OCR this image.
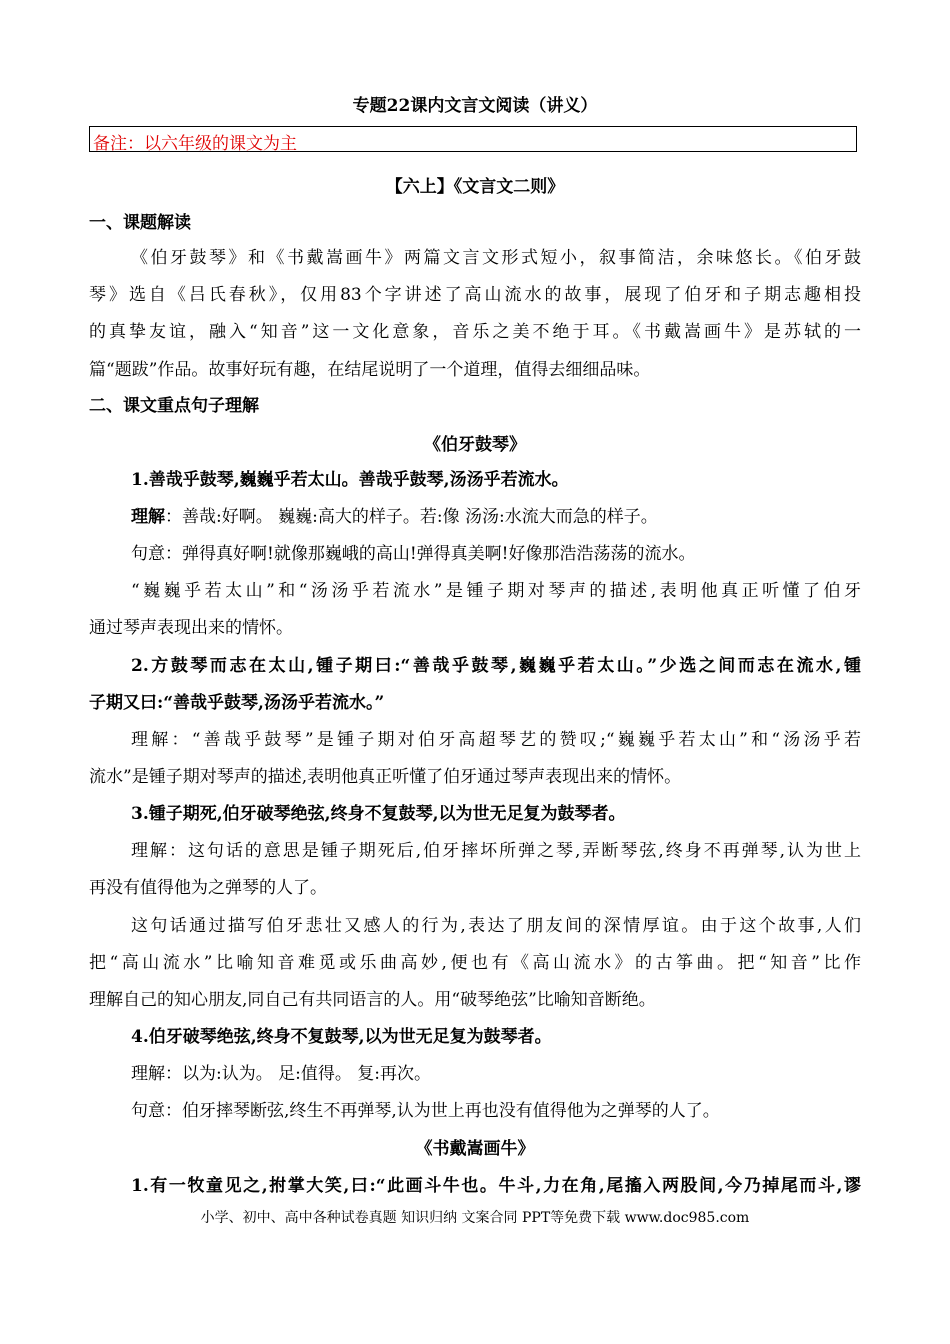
专题22课内文言文阅读（讲义）
备注：以六年级的课文为主
【六上】《文言文二则》
一、课题解读
《伯牙鼓琴》和《书戴嵩画牛》两篇文言文形式短小，叙事简洁，余味悠长。《伯牙鼓
琴》选自《吕氏春秋》，仅用83个字讲述了高山流水的故事，展现了伯牙和子期志趣相投
的真挚友谊，融入“知音”这一文化意象，音乐之美不绝于耳。《书戴嵩画牛》是苏轼的一
篇“题跋”作品。故事好玩有趣，在结尾说明了一个道理，值得去细细品味。
二、课文重点句子理解
《伯牙鼓琴》
1.善哉乎鼓琴,巍巍乎若太山。善哉乎鼓琴,汤汤乎若流水。
理解：善哉:好啊。 巍巍:高大的样子。若:像 汤汤:水流大而急的样子。
句意：弹得真好啊!就像那巍峨的高山!弹得真美啊!好像那浩浩荡荡的流水。
“巍巍乎若太山”和“汤汤乎若流水”是锺子期对琴声的描述,表明他真正听懂了伯牙
通过琴声表现出来的情怀。
2.方鼓琴而志在太山,锺子期曰:“善哉乎鼓琴,巍巍乎若太山。”少选之间而志在流水,锺
子期又曰:“善哉乎鼓琴,汤汤乎若流水。”
理解：“善哉乎鼓琴”是锺子期对伯牙高超琴艺的赞叹;“巍巍乎若太山”和“汤汤乎若
流水”是锺子期对琴声的描述,表明他真正听懂了伯牙通过琴声表现出来的情怀。
3.锺子期死,伯牙破琴绝弦,终身不复鼓琴,以为世无足复为鼓琴者。
理解：这句话的意思是锺子期死后,伯牙摔坏所弹之琴,弄断琴弦,终身不再弹琴,认为世上
再没有值得他为之弹琴的人了。
这句话通过描写伯牙悲壮又感人的行为,表达了朋友间的深情厚谊。由于这个故事,人们
把“高山流水”比喻知音难觅或乐曲高妙,便也有《高山流水》的古筝曲。把“知音”比作
理解自己的知心朋友,同自己有共同语言的人。用“破琴绝弦”比喻知音断绝。
4.伯牙破琴绝弦,终身不复鼓琴,以为世无足复为鼓琴者。
理解：以为:认为。 足:值得。 复:再次。
句意：伯牙摔琴断弦,终生不再弹琴,认为世上再也没有值得他为之弹琴的人了。
《书戴嵩画牛》
1.有一牧童见之,拊掌大笑,曰:“此画斗牛也。牛斗,力在角,尾搐入两股间,今乃掉尾而斗,谬
小学、初中、高中各种试卷真题 知识归纳 文案合同 PPT等免费下载 www.doc985.com
